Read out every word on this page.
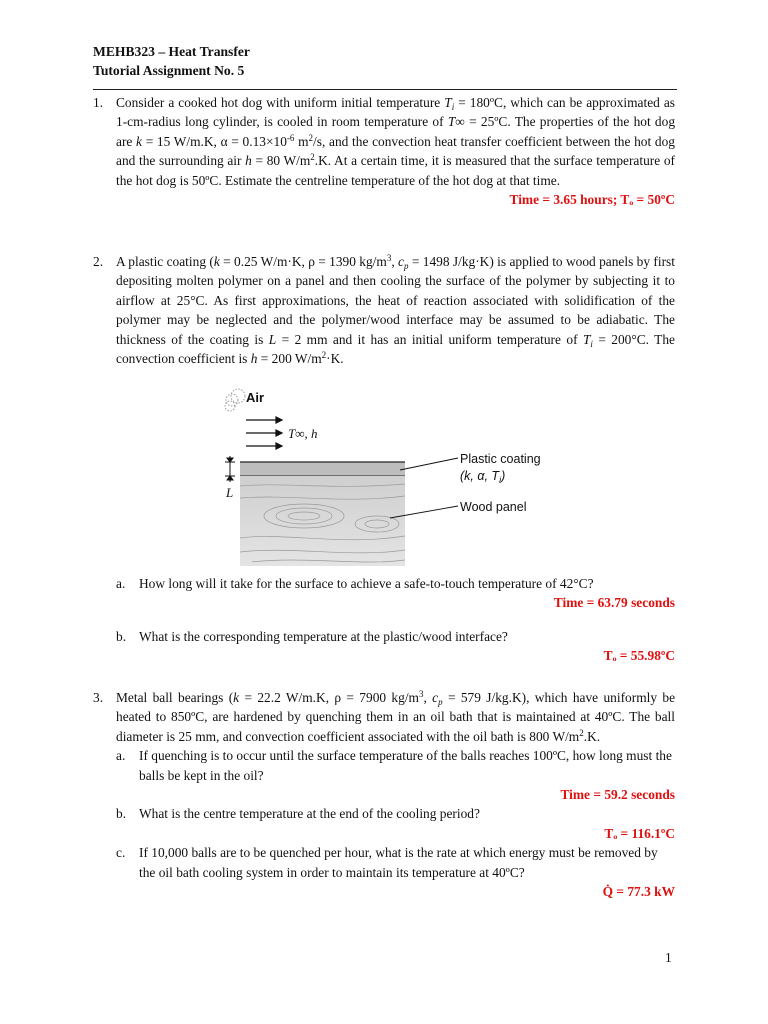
MEHB323 – Heat Transfer
Tutorial Assignment No. 5
1. Consider a cooked hot dog with uniform initial temperature $T_i$ = 180ºC, which can be approximated as 1-cm-radius long cylinder, is cooled in room temperature of T∞ = 25ºC. The properties of the hot dog are k = 15 W/m.K, $\alpha = 0.13\times 10^{-6}$ $m^2/s$, and the convection heat transfer coefficient between the hot dog and the surrounding air h = 80 $W/m^2.K$. At a certain time, it is measured that the surface temperature of the hot dog is 50ºC. Estimate the centreline temperature of the hot dog at that time.
Time = 3.65 hours; Tₒ = 50ºC
2. A plastic coating (k = 0.25 W/m·K, ρ = 1390 $kg/m^3$, $c_p = 1498$ J/kg·K) is applied to wood panels by first depositing molten polymer on a panel and then cooling the surface of the polymer by subjecting it to airflow at 25°C. As first approximations, the heat of reaction associated with solidification of the polymer may be neglected and the polymer/wood interface may be assumed to be adiabatic. The thickness of the coating is L = 2 mm and it has an initial uniform temperature of $T_i = 200^\circ C$. The convection coefficient is h = 200 $W/m^2\cdot K$.
Air
T∞, h
L
Plastic coating
(k, α, $T_i$)
Wood panel
a. How long will it take for the surface to achieve a safe-to-touch temperature of 42°C?
Time = 63.79 seconds
b. What is the corresponding temperature at the plastic/wood interface?
Tₒ = 55.98ºC
3. Metal ball bearings (k = 22.2 W/m.K, ρ = 7900 $kg/m^3$, $c_p = 579$ J/kg.K), which have uniformly be heated to 850ºC, are hardened by quenching them in an oil bath that is maintained at 40ºC. The ball diameter is 25 mm, and convection coefficient associated with the oil bath is 800 $W/m^2.K$.
a. If quenching is to occur until the surface temperature of the balls reaches 100ºC, how long must the balls be kept in the oil?
Time = 59.2 seconds
b. What is the centre temperature at the end of the cooling period?
Tₒ = 116.1ºC
c. If 10,000 balls are to be quenched per hour, what is the rate at which energy must be removed by the oil bath cooling system in order to maintain its temperature at 40ºC?
Q̇ = 77.3 kW
1
